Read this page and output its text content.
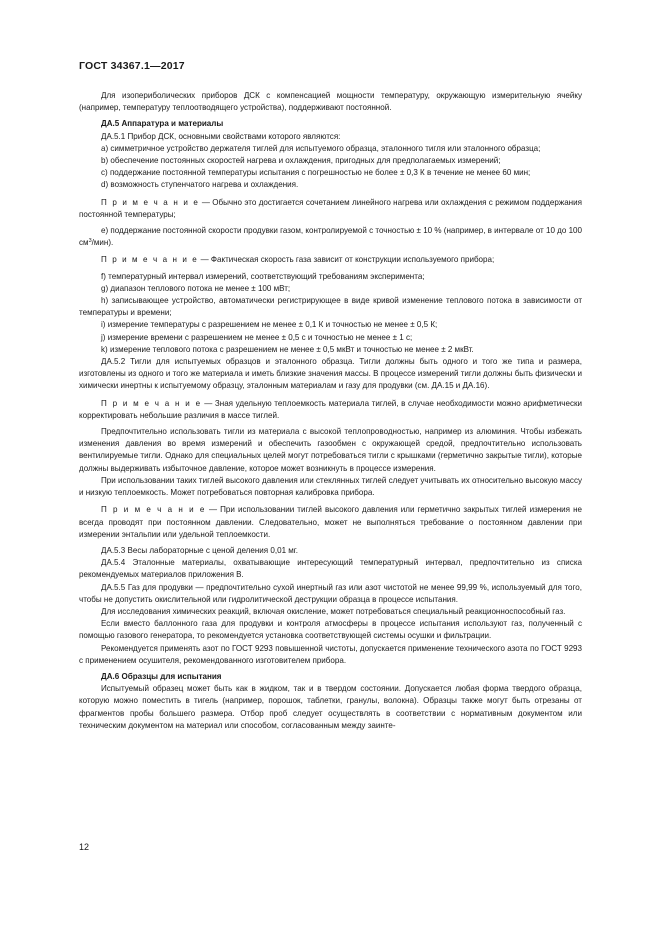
ГОСТ 34367.1—2017

Для изопериболических приборов ДСК с компенсацией мощности температуру, окружающую измерительную ячейку (например, температуру теплоотводящего устройства), поддерживают постоянной.

ДА.5 Аппаратура и материалы

ДА.5.1 Прибор ДСК, основными свойствами которого являются:

а) симметричное устройство держателя тиглей для испытуемого образца, эталонного тигля или эталонного образца;

b) обеспечение постоянных скоростей нагрева и охлаждения, пригодных для предполагаемых измерений;

с) поддержание постоянной температуры испытания с погрешностью не более ± 0,3 К в течение не менее 60 мин;

d) возможность ступенчатого нагрева и охлаждения.

П р и м е ч а н и е — Обычно это достигается сочетанием линейного нагрева или охлаждения с режимом поддержания постоянной температуры;

е) поддержание постоянной скорости продувки газом, контролируемой с точностью ± 10 % (например, в интервале от 10 до 100 $см^3/мин$).

П р и м е ч а н и е — Фактическая скорость газа зависит от конструкции используемого прибора;

f) температурный интервал измерений, соответствующий требованиям эксперимента;

g) диапазон теплового потока не менее ± 100 мВт;

h) записывающее устройство, автоматически регистрирующее в виде кривой изменение теплового потока в зависимости от температуры и времени;

i) измерение температуры с разрешением не менее ± 0,1 К и точностью не менее ± 0,5 К;

j) измерение времени с разрешением не менее ± 0,5 с и точностью не менее ± 1 с;

k) измерение теплового потока с разрешением не менее ± 0,5 мкВт и точностью не менее ± 2 мкВт.

ДА.5.2 Тигли для испытуемых образцов и эталонного образца. Тигли должны быть одного и того же типа и размера, изготовлены из одного и того же материала и иметь близкие значения массы. В процессе измерений тигли должны быть физически и химически инертны к испытуемому образцу, эталонным материалам и газу для продувки (см. ДА.15 и ДА.16).

П р и м е ч а н и е — Зная удельную теплоемкость материала тиглей, в случае необходимости можно арифметически корректировать небольшие различия в массе тиглей.

Предпочтительно использовать тигли из материала с высокой теплопроводностью, например из алюминия. Чтобы избежать изменения давления во время измерений и обеспечить газообмен с окружающей средой, предпочтительно использовать вентилируемые тигли. Однако для специальных целей могут потребоваться тигли с крышками (герметично закрытые тигли), которые должны выдерживать избыточное давление, которое может возникнуть в процессе измерения.

При использовании таких тиглей высокого давления или стеклянных тиглей следует учитывать их относительно высокую массу и низкую теплоемкость. Может потребоваться повторная калибровка прибора.

П р и м е ч а н и е — При использовании тиглей высокого давления или герметично закрытых тиглей измерения не всегда проводят при постоянном давлении. Следовательно, может не выполняться требование о постоянном давлении при измерении энтальпии или удельной теплоемкости.

ДА.5.3 Весы лабораторные с ценой деления 0,01 мг.

ДА.5.4 Эталонные материалы, охватывающие интересующий температурный интервал, предпочтительно из списка рекомендуемых материалов приложения В.

ДА.5.5 Газ для продувки — предпочтительно сухой инертный газ или азот чистотой не менее 99,99 %, используемый для того, чтобы не допустить окислительной или гидролитической деструкции образца в процессе испытания.

Для исследования химических реакций, включая окисление, может потребоваться специальный реакционноспособный газ.

Если вместо баллонного газа для продувки и контроля атмосферы в процессе испытания используют газ, полученный с помощью газового генератора, то рекомендуется установка соответствующей системы осушки и фильтрации.

Рекомендуется применять азот по ГОСТ 9293 повышенной чистоты, допускается применение технического азота по ГОСТ 9293 с применением осушителя, рекомендованного изготовителем прибора.

ДА.6 Образцы для испытания

Испытуемый образец может быть как в жидком, так и в твердом состоянии. Допускается любая форма твердого образца, которую можно поместить в тигель (например, порошок, таблетки, гранулы, волокна). Образцы также могут быть отрезаны от фрагментов пробы большего размера. Отбор проб следует осуществлять в соответствии с нормативным документом или техническим документом на материал или способом, согласованным между заинте-

12
